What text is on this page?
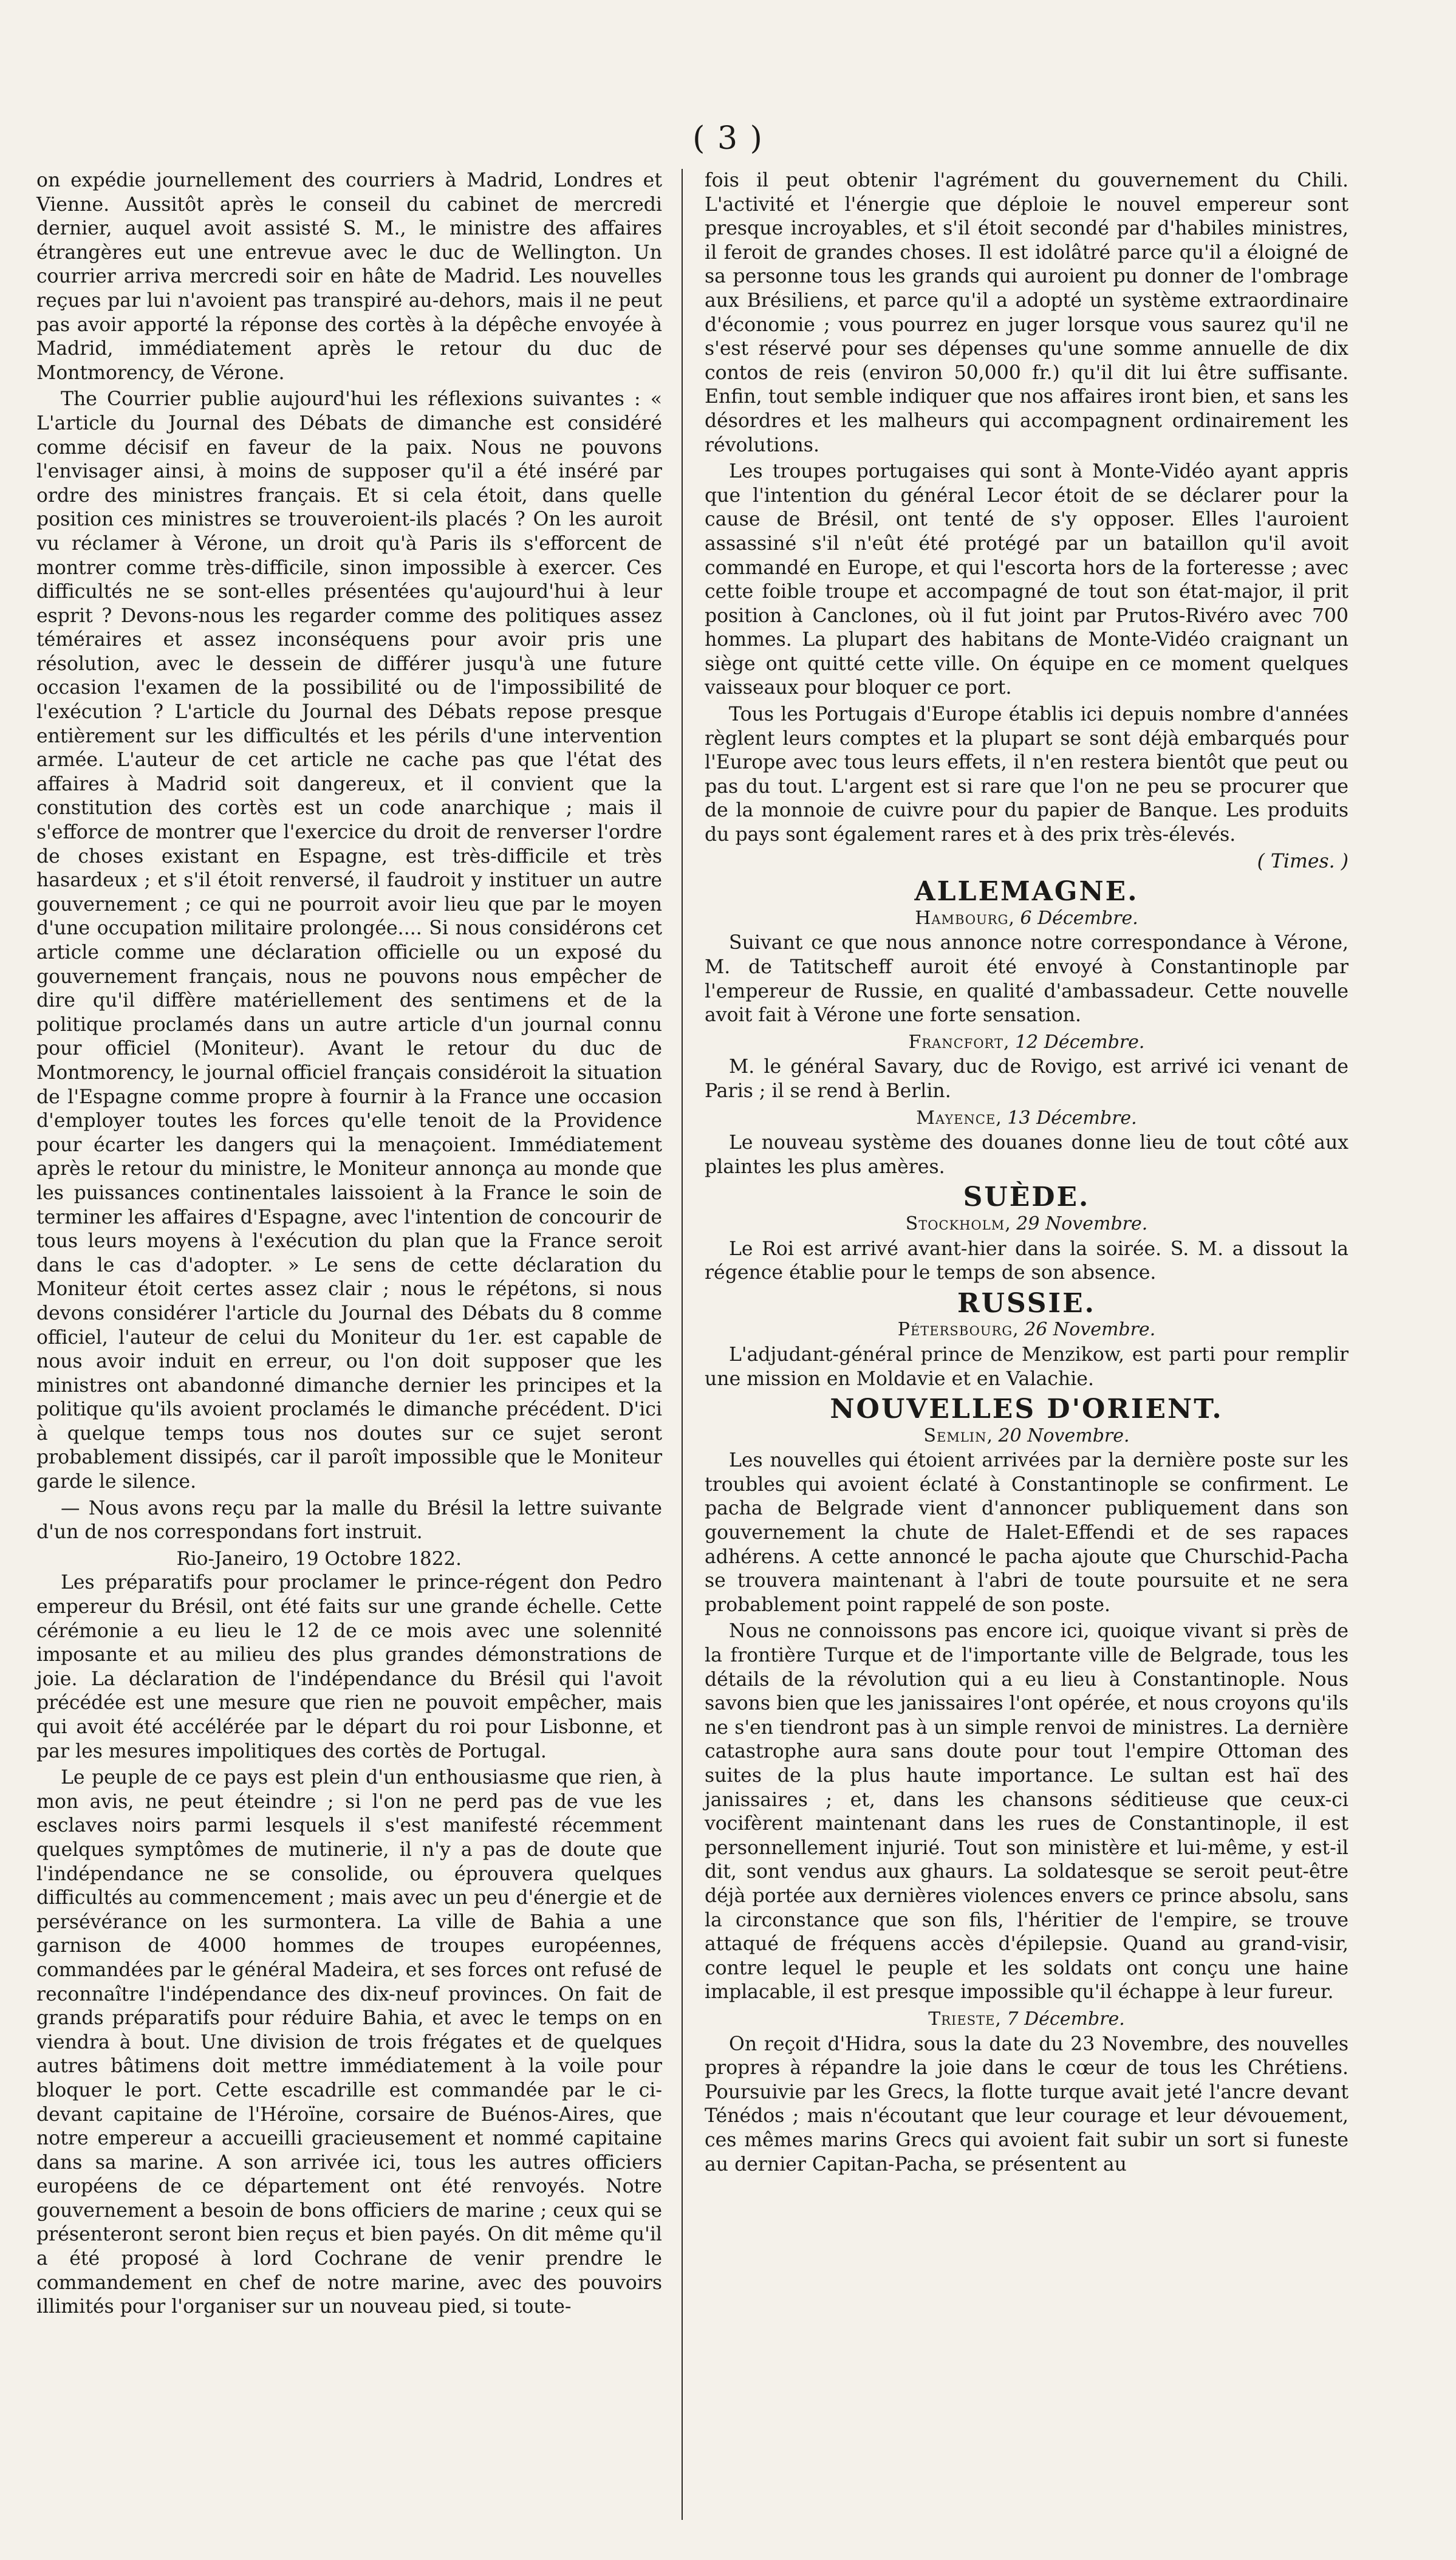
( 3 )

on expédie journellement des courriers à Madrid, Londres et Vienne. Aussitôt après le conseil du cabinet de mercredi dernier, auquel avoit assisté S. M., le ministre des affaires étrangères eut une entrevue avec le duc de Wellington. Un courrier arriva mercredi soir en hâte de Madrid. Les nouvelles reçues par lui n'avoient pas transpiré au-dehors, mais il ne peut pas avoir apporté la réponse des cortès à la dépêche envoyée à Madrid, immédiatement après le retour du duc de Montmorency, de Vérone.

The Courrier publie aujourd'hui les réflexions suivantes : « L'article du Journal des Débats de dimanche est considéré comme décisif en faveur de la paix. Nous ne pouvons l'envisager ainsi, à moins de supposer qu'il a été inséré par ordre des ministres français. Et si cela étoit, dans quelle position ces ministres se trouveroient-ils placés ? On les auroit vu réclamer à Vérone, un droit qu'à Paris ils s'efforcent de montrer comme très-difficile, sinon impossible à exercer. Ces difficultés ne se sont-elles présentées qu'aujourd'hui à leur esprit ? Devons-nous les regarder comme des politiques assez téméraires et assez inconséquens pour avoir pris une résolution, avec le dessein de différer jusqu'à une future occasion l'examen de la possibilité ou de l'impossibilité de l'exécution ? L'article du Journal des Débats repose presque entièrement sur les difficultés et les périls d'une intervention armée. L'auteur de cet article ne cache pas que l'état des affaires à Madrid soit dangereux, et il convient que la constitution des cortès est un code anarchique ; mais il s'efforce de montrer que l'exercice du droit de renverser l'ordre de choses existant en Espagne, est très-difficile et très hasardeux ; et s'il étoit renversé, il faudroit y instituer un autre gouvernement ; ce qui ne pourroit avoir lieu que par le moyen d'une occupation militaire prolongée.... Si nous considérons cet article comme une déclaration officielle ou un exposé du gouvernement français, nous ne pouvons nous empêcher de dire qu'il diffère matériellement des sentimens et de la politique proclamés dans un autre article d'un journal connu pour officiel (Moniteur). Avant le retour du duc de Montmorency, le journal officiel français considéroit la situation de l'Espagne comme propre à fournir à la France une occasion d'employer toutes les forces qu'elle tenoit de la Providence pour écarter les dangers qui la menaçoient. Immédiatement après le retour du ministre, le Moniteur annonça au monde que les puissances continentales laissoient à la France le soin de terminer les affaires d'Espagne, avec l'intention de concourir de tous leurs moyens à l'exécution du plan que la France seroit dans le cas d'adopter. » Le sens de cette déclaration du Moniteur étoit certes assez clair ; nous le répétons, si nous devons considérer l'article du Journal des Débats du 8 comme officiel, l'auteur de celui du Moniteur du 1er. est capable de nous avoir induit en erreur, ou l'on doit supposer que les ministres ont abandonné dimanche dernier les principes et la politique qu'ils avoient proclamés le dimanche précédent. D'ici à quelque temps tous nos doutes sur ce sujet seront probablement dissipés, car il paroît impossible que le Moniteur garde le silence.

— Nous avons reçu par la malle du Brésil la lettre suivante d'un de nos correspondans fort instruit.

Rio-Janeiro, 19 Octobre 1822.

Les préparatifs pour proclamer le prince-régent don Pedro empereur du Brésil, ont été faits sur une grande échelle. Cette cérémonie a eu lieu le 12 de ce mois avec une solennité imposante et au milieu des plus grandes démonstrations de joie. La déclaration de l'indépendance du Brésil qui l'avoit précédée est une mesure que rien ne pouvoit empêcher, mais qui avoit été accélérée par le départ du roi pour Lisbonne, et par les mesures impolitiques des cortès de Portugal.

Le peuple de ce pays est plein d'un enthousiasme que rien, à mon avis, ne peut éteindre ; si l'on ne perd pas de vue les esclaves noirs parmi lesquels il s'est manifesté récemment quelques symptômes de mutinerie, il n'y a pas de doute que l'indépendance ne se consolide, ou éprouvera quelques difficultés au commencement ; mais avec un peu d'énergie et de persévérance on les surmontera. La ville de Bahia a une garnison de 4000 hommes de troupes européennes, commandées par le général Madeira, et ses forces ont refusé de reconnaître l'indépendance des dix-neuf provinces. On fait de grands préparatifs pour réduire Bahia, et avec le temps on en viendra à bout. Une division de trois frégates et de quelques autres bâtimens doit mettre immédiatement à la voile pour bloquer le port. Cette escadrille est commandée par le ci-devant capitaine de l'Héroïne, corsaire de Buénos-Aires, que notre empereur a accueilli gracieusement et nommé capitaine dans sa marine. A son arrivée ici, tous les autres officiers européens de ce département ont été renvoyés. Notre gouvernement a besoin de bons officiers de marine ; ceux qui se présenteront seront bien reçus et bien payés. On dit même qu'il a été proposé à lord Cochrane de venir prendre le commandement en chef de notre marine, avec des pouvoirs illimités pour l'organiser sur un nouveau pied, si toute-

fois il peut obtenir l'agrément du gouvernement du Chili. L'activité et l'énergie que déploie le nouvel empereur sont presque incroyables, et s'il étoit secondé par d'habiles ministres, il feroit de grandes choses. Il est idolâtré parce qu'il a éloigné de sa personne tous les grands qui auroient pu donner de l'ombrage aux Brésiliens, et parce qu'il a adopté un système extraordinaire d'économie ; vous pourrez en juger lorsque vous saurez qu'il ne s'est réservé pour ses dépenses qu'une somme annuelle de dix contos de reis (environ 50,000 fr.) qu'il dit lui être suffisante. Enfin, tout semble indiquer que nos affaires iront bien, et sans les désordres et les malheurs qui accompagnent ordinairement les révolutions.

Les troupes portugaises qui sont à Monte-Vidéo ayant appris que l'intention du général Lecor étoit de se déclarer pour la cause de Brésil, ont tenté de s'y opposer. Elles l'auroient assassiné s'il n'eût été protégé par un bataillon qu'il avoit commandé en Europe, et qui l'escorta hors de la forteresse ; avec cette foible troupe et accompagné de tout son état-major, il prit position à Canclones, où il fut joint par Prutos-Rivéro avec 700 hommes. La plupart des habitans de Monte-Vidéo craignant un siège ont quitté cette ville. On équipe en ce moment quelques vaisseaux pour bloquer ce port.

Tous les Portugais d'Europe établis ici depuis nombre d'années règlent leurs comptes et la plupart se sont déjà embarqués pour l'Europe avec tous leurs effets, il n'en restera bientôt que peut ou pas du tout. L'argent est si rare que l'on ne peu se procurer que de la monnoie de cuivre pour du papier de Banque. Les produits du pays sont également rares et à des prix très-élevés.

( Times. )
ALLEMAGNE.
Hambourg, 6 Décembre.

Suivant ce que nous annonce notre correspondance à Vérone, M. de Tatitscheff auroit été envoyé à Constantinople par l'empereur de Russie, en qualité d'ambassadeur. Cette nouvelle avoit fait à Vérone une forte sensation.

Francfort, 12 Décembre.

M. le général Savary, duc de Rovigo, est arrivé ici venant de Paris ; il se rend à Berlin.

Mayence, 13 Décembre.

Le nouveau système des douanes donne lieu de tout côté aux plaintes les plus amères.

SUÈDE.
Stockholm, 29 Novembre.

Le Roi est arrivé avant-hier dans la soirée. S. M. a dissout la régence établie pour le temps de son absence.

RUSSIE.
Pétersbourg, 26 Novembre.

L'adjudant-général prince de Menzikow, est parti pour remplir une mission en Moldavie et en Valachie.

NOUVELLES D'ORIENT.
Semlin, 20 Novembre.

Les nouvelles qui étoient arrivées par la dernière poste sur les troubles qui avoient éclaté à Constantinople se confirment. Le pacha de Belgrade vient d'annoncer publiquement dans son gouvernement la chute de Halet-Effendi et de ses rapaces adhérens. A cette annoncé le pacha ajoute que Churschid-Pacha se trouvera maintenant à l'abri de toute poursuite et ne sera probablement point rappelé de son poste.

Nous ne connoissons pas encore ici, quoique vivant si près de la frontière Turque et de l'importante ville de Belgrade, tous les détails de la révolution qui a eu lieu à Constantinople. Nous savons bien que les janissaires l'ont opérée, et nous croyons qu'ils ne s'en tiendront pas à un simple renvoi de ministres. La dernière catastrophe aura sans doute pour tout l'empire Ottoman des suites de la plus haute importance. Le sultan est haï des janissaires ; et, dans les chansons séditieuse que ceux-ci vocifèrent maintenant dans les rues de Constantinople, il est personnellement injurié. Tout son ministère et lui-même, y est-il dit, sont vendus aux ghaurs. La soldatesque se seroit peut-être déjà portée aux dernières violences envers ce prince absolu, sans la circonstance que son fils, l'héritier de l'empire, se trouve attaqué de fréquens accès d'épilepsie. Quand au grand-visir, contre lequel le peuple et les soldats ont conçu une haine implacable, il est presque impossible qu'il échappe à leur fureur.

Trieste, 7 Décembre.

On reçoit d'Hidra, sous la date du 23 Novembre, des nouvelles propres à répandre la joie dans le cœur de tous les Chrétiens. Poursuivie par les Grecs, la flotte turque avait jeté l'ancre devant Ténédos ; mais n'écoutant que leur courage et leur dévouement, ces mêmes marins Grecs qui avoient fait subir un sort si funeste au dernier Capitan-Pacha, se présentent au
